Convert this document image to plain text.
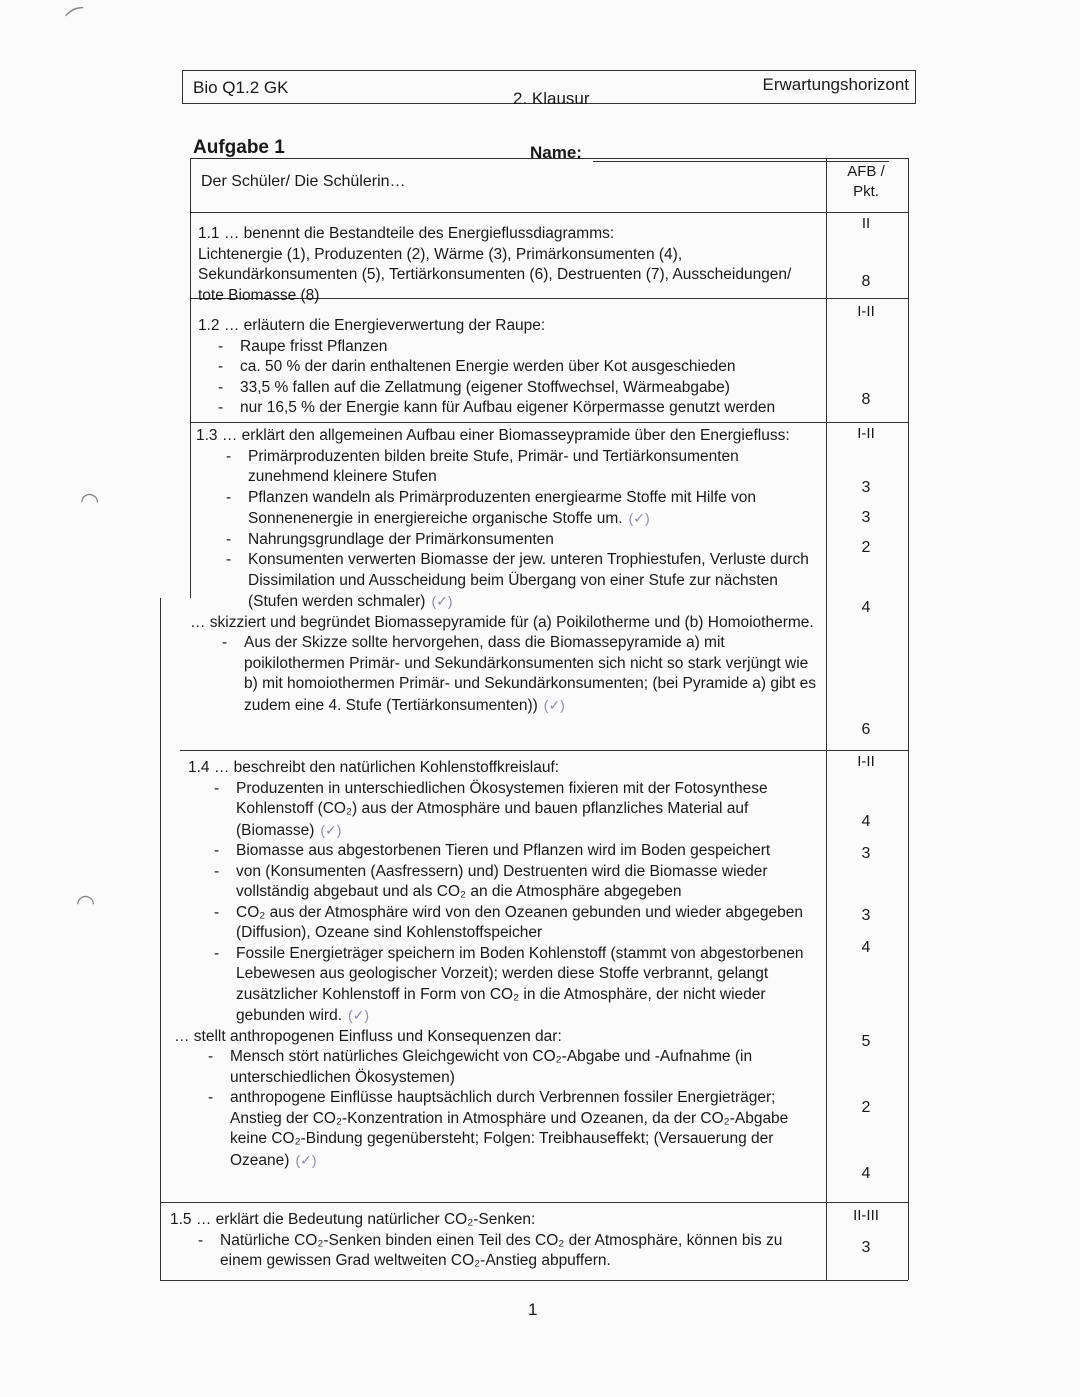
⁀
◠
◠
Bio Q1.2 GK
2. Klausur
Erwartungshorizont
Aufgabe 1	Name:
Der Schüler/ Die Schülerin…
AFB /
Pkt.
1.1 … benennt die Bestandteile des Energieflussdiagramms:
Lichtenergie (1), Produzenten (2), Wärme (3), Primärkonsumenten (4), Sekundärkonsumenten (5), Tertiärkonsumenten (6), Destruenten (7), Ausscheidungen/ tote Biomasse (8)
II
8
1.2 … erläutern die Energieverwertung der Raupe:
- Raupe frisst Pflanzen
- ca. 50 % der darin enthaltenen Energie werden über Kot ausgeschieden
- 33,5 % fallen auf die Zellatmung (eigener Stoffwechsel, Wärmeabgabe)
- nur 16,5 % der Energie kann für Aufbau eigener Körpermasse genutzt werden
I-II
8
1.3 … erklärt den allgemeinen Aufbau einer Biomasseypramide über den Energiefluss:
- Primärproduzenten bilden breite Stufe, Primär- und Tertiärkonsumenten zunehmend kleinere Stufen
- Pflanzen wandeln als Primärproduzenten energiearme Stoffe mit Hilfe von Sonnenenergie in energiereiche organische Stoffe um. (✓)
- Nahrungsgrundlage der Primärkonsumenten
- Konsumenten verwerten Biomasse der jew. unteren Trophiestufen, Verluste durch Dissimilation und Ausscheidung beim Übergang von einer Stufe zur nächsten (Stufen werden schmaler) (✓)
… skizziert und begründet Biomassepyramide für (a) Poikilotherme und (b) Homoiotherme.
- Aus der Skizze sollte hervorgehen, dass die Biomassepyramide a) mit poikilothermen Primär- und Sekundärkonsumenten sich nicht so stark verjüngt wie b) mit homoiothermen Primär- und Sekundärkonsumenten; (bei Pyramide a) gibt es zudem eine 4. Stufe (Tertiärkonsumenten)) (✓)
I-II
3
3
2
4
6
1.4 … beschreibt den natürlichen Kohlenstoffkreislauf:
- Produzenten in unterschiedlichen Ökosystemen fixieren mit der Fotosynthese Kohlenstoff (CO₂) aus der Atmosphäre und bauen pflanzliches Material auf (Biomasse) (✓)
- Biomasse aus abgestorbenen Tieren und Pflanzen wird im Boden gespeichert
- von (Konsumenten (Aasfressern) und) Destruenten wird die Biomasse wieder vollständig abgebaut und als CO₂ an die Atmosphäre abgegeben
- CO₂ aus der Atmosphäre wird von den Ozeanen gebunden und wieder abgegeben (Diffusion), Ozeane sind Kohlenstoffspeicher
- Fossile Energieträger speichern im Boden Kohlenstoff (stammt von abgestorbenen Lebewesen aus geologischer Vorzeit); werden diese Stoffe verbrannt, gelangt zusätzlicher Kohlenstoff in Form von CO₂ in die Atmosphäre, der nicht wieder gebunden wird. (✓)
… stellt anthropogenen Einfluss und Konsequenzen dar:
- Mensch stört natürliches Gleichgewicht von CO₂-Abgabe und -Aufnahme (in unterschiedlichen Ökosystemen)
- anthropogene Einflüsse hauptsächlich durch Verbrennen fossiler Energieträger; Anstieg der CO₂-Konzentration in Atmosphäre und Ozeanen, da der CO₂-Abgabe keine CO₂-Bindung gegenübersteht; Folgen: Treibhauseffekt; (Versauerung der Ozeane) (✓)
I-II
4
3
3
4
5
2
4
1.5 … erklärt die Bedeutung natürlicher CO₂-Senken:
- Natürliche CO₂-Senken binden einen Teil des CO₂ der Atmosphäre, können bis zu einem gewissen Grad weltweiten CO₂-Anstieg abpuffern.
II-III
3
1
